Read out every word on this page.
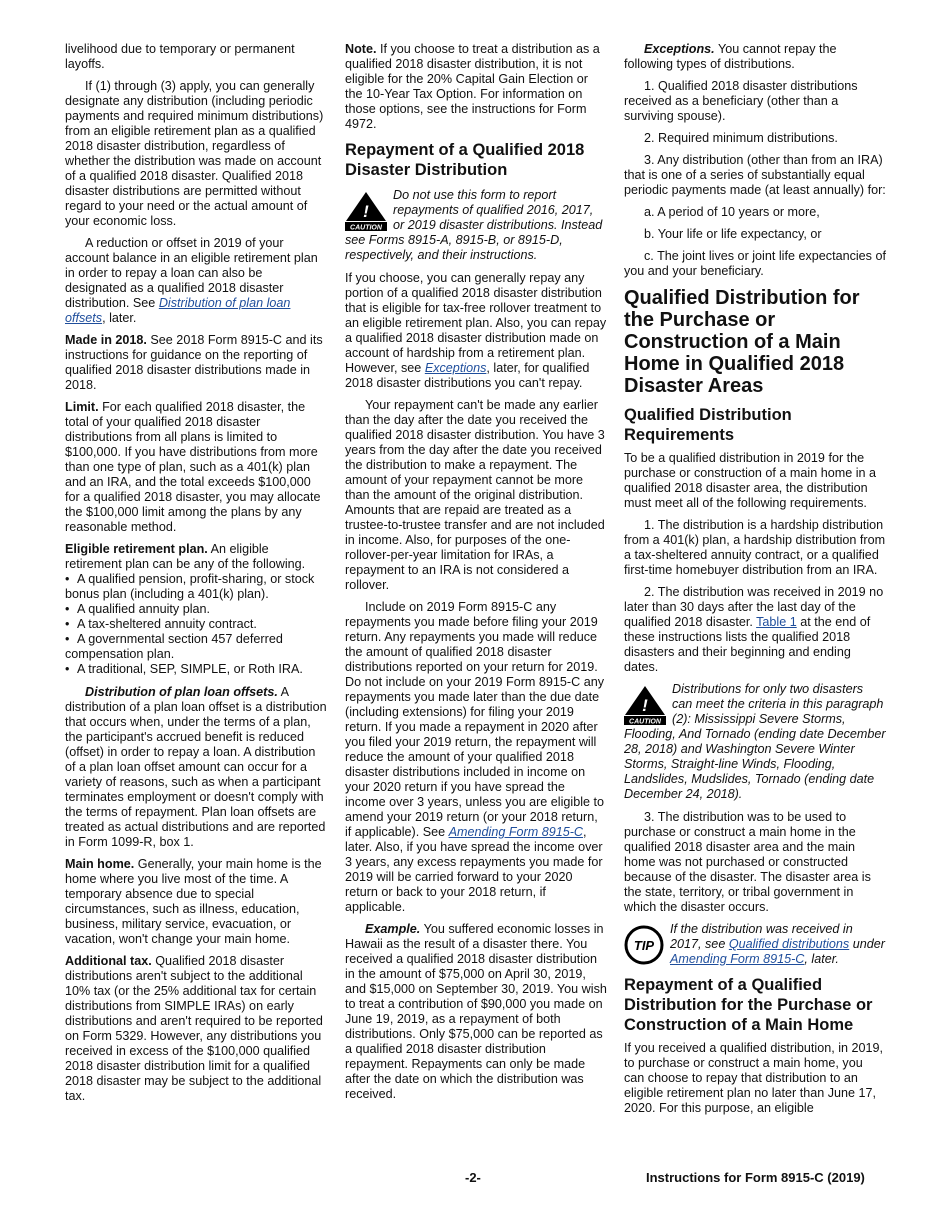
livelihood due to temporary or permanent layoffs.

If (1) through (3) apply, you can generally designate any distribution (including periodic payments and required minimum distributions) from an eligible retirement plan as a qualified 2018 disaster distribution, regardless of whether the distribution was made on account of a qualified 2018 disaster. Qualified 2018 disaster distributions are permitted without regard to your need or the actual amount of your economic loss.

A reduction or offset in 2019 of your account balance in an eligible retirement plan in order to repay a loan can also be designated as a qualified 2018 disaster distribution. See Distribution of plan loan offsets, later.

Made in 2018. See 2018 Form 8915-C and its instructions for guidance on the reporting of qualified 2018 disaster distributions made in 2018.

Limit. For each qualified 2018 disaster, the total of your qualified 2018 disaster distributions from all plans is limited to $100,000. If you have distributions from more than one type of plan, such as a 401(k) plan and an IRA, and the total exceeds $100,000 for a qualified 2018 disaster, you may allocate the $100,000 limit among the plans by any reasonable method.

Eligible retirement plan. An eligible retirement plan can be any of the following.

• A qualified pension, profit-sharing, or stock bonus plan (including a 401(k) plan).
• A qualified annuity plan.
• A tax-sheltered annuity contract.
• A governmental section 457 deferred compensation plan.
• A traditional, SEP, SIMPLE, or Roth IRA.

Distribution of plan loan offsets. A distribution of a plan loan offset is a distribution that occurs when, under the terms of a plan, the participant's accrued benefit is reduced (offset) in order to repay a loan. A distribution of a plan loan offset amount can occur for a variety of reasons, such as when a participant terminates employment or doesn't comply with the terms of repayment. Plan loan offsets are treated as actual distributions and are reported in Form 1099-R, box 1.

Main home. Generally, your main home is the home where you live most of the time. A temporary absence due to special circumstances, such as illness, education, business, military service, evacuation, or vacation, won't change your main home.

Additional tax. Qualified 2018 disaster distributions aren't subject to the additional 10% tax (or the 25% additional tax for certain distributions from SIMPLE IRAs) on early distributions and aren't required to be reported on Form 5329. However, any distributions you received in excess of the $100,000 qualified 2018 disaster distribution limit for a qualified 2018 disaster may be subject to the additional tax.

Note. If you choose to treat a distribution as a qualified 2018 disaster distribution, it is not eligible for the 20% Capital Gain Election or the 10-Year Tax Option. For information on those options, see the instructions for Form 4972.

Repayment of a Qualified 2018 Disaster Distribution
!
CAUTION
Do not use this form to report repayments of qualified 2016, 2017, or 2019 disaster distributions. Instead see Forms 8915-A, 8915-B, or 8915-D, respectively, and their instructions.

If you choose, you can generally repay any portion of a qualified 2018 disaster distribution that is eligible for tax-free rollover treatment to an eligible retirement plan. Also, you can repay a qualified 2018 disaster distribution made on account of hardship from a retirement plan. However, see Exceptions, later, for qualified 2018 disaster distributions you can't repay.

Your repayment can't be made any earlier than the day after the date you received the qualified 2018 disaster distribution. You have 3 years from the day after the date you received the distribution to make a repayment. The amount of your repayment cannot be more than the amount of the original distribution. Amounts that are repaid are treated as a trustee-to-trustee transfer and are not included in income. Also, for purposes of the one-rollover-per-year limitation for IRAs, a repayment to an IRA is not considered a rollover.

Include on 2019 Form 8915-C any repayments you made before filing your 2019 return. Any repayments you made will reduce the amount of qualified 2018 disaster distributions reported on your return for 2019. Do not include on your 2019 Form 8915-C any repayments you made later than the due date (including extensions) for filing your 2019 return. If you made a repayment in 2020 after you filed your 2019 return, the repayment will reduce the amount of your qualified 2018 disaster distributions included in income on your 2020 return if you have spread the income over 3 years, unless you are eligible to amend your 2019 return (or your 2018 return, if applicable). See Amending Form 8915-C, later. Also, if you have spread the income over 3 years, any excess repayments you made for 2019 will be carried forward to your 2020 return or back to your 2018 return, if applicable.

Example. You suffered economic losses in Hawaii as the result of a disaster there. You received a qualified 2018 disaster distribution in the amount of $75,000 on April 30, 2019, and $15,000 on September 30, 2019. You wish to treat a contribution of $90,000 you made on June 19, 2019, as a repayment of both distributions. Only $75,000 can be reported as a qualified 2018 disaster distribution repayment. Repayments can only be made after the date on which the distribution was received.

Exceptions. You cannot repay the following types of distributions.

1. Qualified 2018 disaster distributions received as a beneficiary (other than a surviving spouse).

2. Required minimum distributions.

3. Any distribution (other than from an IRA) that is one of a series of substantially equal periodic payments made (at least annually) for:

a. A period of 10 years or more,

b. Your life or life expectancy, or

c. The joint lives or joint life expectancies of you and your beneficiary.

Qualified Distribution for the Purchase or Construction of a Main Home in Qualified 2018 Disaster Areas
Qualified Distribution Requirements

To be a qualified distribution in 2019 for the purchase or construction of a main home in a qualified 2018 disaster area, the distribution must meet all of the following requirements.

1. The distribution is a hardship distribution from a 401(k) plan, a hardship distribution from a tax-sheltered annuity contract, or a qualified first-time homebuyer distribution from an IRA.

2. The distribution was received in 2019 no later than 30 days after the last day of the qualified 2018 disaster. Table 1 at the end of these instructions lists the qualified 2018 disasters and their beginning and ending dates.

!
CAUTION
Distributions for only two disasters can meet the criteria in this paragraph (2): Mississippi Severe Storms, Flooding, And Tornado (ending date December 28, 2018) and Washington Severe Winter Storms, Straight-line Winds, Flooding, Landslides, Mudslides, Tornado (ending date December 24, 2018).

3. The distribution was to be used to purchase or construct a main home in the qualified 2018 disaster area and the main home was not purchased or constructed because of the disaster. The disaster area is the state, territory, or tribal government in which the disaster occurs.

TIP
If the distribution was received in 2017, see Qualified distributions under Amending Form 8915-C, later.
Repayment of a Qualified Distribution for the Purchase or Construction of a Main Home

If you received a qualified distribution, in 2019, to purchase or construct a main home, you can choose to repay that distribution to an eligible retirement plan no later than June 17, 2020. For this purpose, an eligible

-2-	Instructions for Form 8915-C (2019)
